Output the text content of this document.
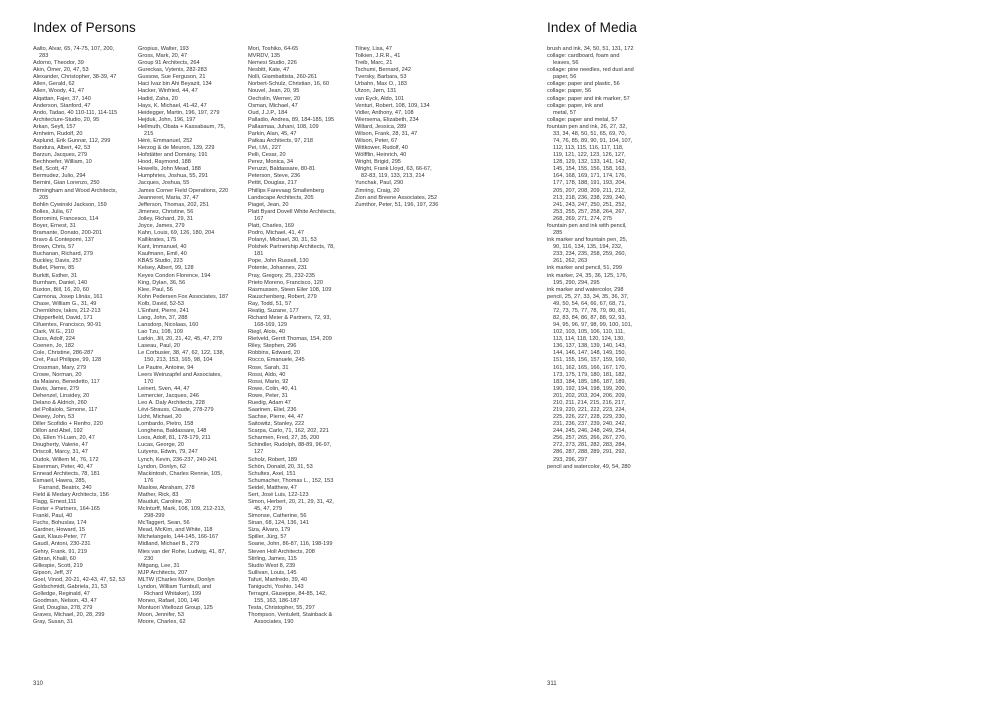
Index of Persons
Aalto, Alvar, 65, 74-75, 107, 200,
283
Adorno, Theodor, 39
Akin, Ömer, 20, 47, 53
Alexander, Christopher, 38-39, 47
Allen, Gerald, 62
Allen, Woody, 41, 47
Alqattan, Fajer, 37, 140
Anderson, Stanford, 47
Ando, Tadao, 40 110-111, 114-115
Architecture-Studio, 20, 95
Arkan, Seyfi, 157
Arnheim, Rudolf, 20
Asplund, Erik Gunnar, 112, 299
Bandura, Albert, 42, 53
Barzun, Jacques, 279
Bechhoefer, William, 10
Bell, Scott, 47
Bermudez, Julio, 294
Bernini, Gian Lorenzo, 250
Birmingham and Wood Architects,
205
Bohlin Cywinski Jackson, 159
Bolles, Julia, 67
Borromini, Francesco, 114
Boyer, Ernest, 31
Bramante, Donato, 200-201
Bravo & Contepomi, 137
Brown, Chris, 57
Buchanan, Richard, 279
Buckley, Davis, 257
Bullet, Pierre, 85
Burkitt, Esther, 31
Burnham, Daniel, 140
Buxton, Bill, 16, 20, 60
Carmona, Josep Llinás, 161
Chase, William G., 31, 49
Chernikhov, Iakov, 212-213
Chipperfield, David, 171
Cifuentes, Francisco, 90-91
Clark, W.G., 210
Cluss, Adolf, 224
Coenen, Jo, 182
Cole, Christine, 286-287
Cret, Paul Philippe, 99, 128
Crossman, Mary, 279
Crowe, Norman, 20
da Maiano, Benedetto, 117
Davis, James, 279
Dehenzel, Linsidey, 20
Delano & Aldrich, 260
del Pollaiolo, Simone, 117
Dewey, John, 53
Diller Scofidio + Renfro, 220
Dillon and Abel, 192
Do, Ellen Yi-Luen, 20, 47
Dougherty, Valerie, 47
Driscoll, Marcy, 31, 47
Dudok, Willem M., 76, 172
Eisenman, Peter, 40, 47
Ennead Architects, 78, 181
Esmaeil, Hawra, 285,
Farrand, Beatrix, 240
Field & Medary Architects, 156
Flagg, Ernest,111
Foster + Partners, 164-165
Frankl, Paul, 40
Fuchs, Bohuslav, 174
Gardner, Howard, 15
Gast, Klaus-Peter, 77
Gaudí, Antoni, 230-231
Gehry, Frank, 91, 219
Gibran, Khalil, 60
Gillespie, Scott, 219
Gipson, Jeff, 37
Goel, Vinod, 20-21, 42-43, 47, 52, 53
Goldschmidt, Gabriela, 21, 53
Golledge, Reginald, 47
Goodman, Nelson, 43, 47
Graf, Douglas, 278, 279
Graves, Michael, 20, 28, 299
Gray, Susan, 31
Gropius, Walter, 193
Gross, Mark, 20, 47
Group 91 Architects, 264
Gureckas, Vytenis, 282-283
Gussow, Sue Ferguson, 21
Haci Ivaz bin Ahi Beyazit, 134
Hacker, Winfried, 44, 47
Hadid, Zaha, 20
Hays, K. Michael, 41-42, 47
Heidegger, Martin, 196, 197, 279
Hejduk, John, 196, 197
Hellmuth, Obata + Kassabaum, 75,
215
Hérè, Emmanuel, 252
Herzog & de Meuron, 139, 229
Hofstätter and Domány, 191
Hood, Raymond, 188
Howells, John Mead, 188
Humphries, Joshua, 55, 291
Jacques, Joshua, 55
James Corner Field Operations, 220
Jeanneret, Maria, 37, 47
Jefferson, Thomas, 202, 251
Jimenez, Christine, 56
Jolley, Richard, 29, 31
Joyce, James, 279
Kahn, Louis, 69, 126, 180, 204
Kallikrates, 175
Kant, Immanuel, 40
Kaufmann, Emil, 40
KBAS Studio, 223
Kelsey, Albert, 99, 128
Keyes Condon Florence, 194
King, Dylan, 36, 56
Klee, Paul, 56
Kohn Pedersen Fox Associates, 187
Kolb, David, 52-53
L'Enfant, Pierre, 241
Lang, John, 37, 288
Lansdorp, Nicolaas, 160
Lao Tzu, 108, 109
Larkin, Jill, 20, 21, 42, 45, 47, 279
Laseau, Paul, 20
Le Corbusier, 38, 47, 62, 122, 138,
150, 213, 153, 165, 98, 104
Le Pautre, Antoine, 94
Leers Weinzapfel and Associates,
170
Leinert, Sven, 44, 47
Lemercier, Jacques, 246
Leo A. Daly Architects, 228
Lévi-Strauss, Claude, 278-279
Licht, Michael, 20
Lombardo, Pietro, 158
Longhena, Baldassare, 148
Loos, Adolf, 81, 178-179, 211
Lucas, George, 20
Lutyens, Edwin, 79, 247
Lynch, Kevin, 236-237, 240-241
Lyndon, Donlyn, 62
Mackintosh, Charles Rennie, 105,
176
Maslow, Abraham, 278
Mather, Rick, 83
Mauduit, Caroline, 20
McInturff, Mark, 108, 109, 212-213,
298-299
McTaggert, Sean, 56
Mead, McKim, and White, 118
Michelangelo, 144-145, 166-167
Midland, Michael B., 279
Mies van der Rohe, Ludwig, 41, 87,
230
Mitgang, Lee, 31
MJP Architects, 207
MLTW (Charles Moore, Donlyn
Lyndon, William Turnbull, and
Richard Whitaker), 199
Moneo, Rafael, 100, 146
Montuori Vitellozzi Group, 125
Moon, Jennifer, 53
Moore, Charles, 62
Mori, Toshiko, 64-65
MVRDV, 135
Nemesi Studio, 226
Nesbitt, Kate, 47
Nolli, Giambattista, 260-261
Norbert-Schulz, Christian, 16, 60
Nouvel, Jean, 20, 95
Oechslin, Werner, 20
Osman, Michael, 47
Oud, J.J.P., 184
Palladio, Andrea, 89, 184-185, 195
Pallasmaa, Juhani, 108, 109
Parkin, Alan, 45, 47
Patkau Architects, 97, 218
Pei, I.M., 227
Pelli, Cesar, 20
Perez, Monica, 34
Peruzzi, Baldassare, 80-81
Peterson, Steve, 236
Pettit, Douglas, 217
Phillips Farevaag Smallenberg
Landscape Architects, 205
Piaget, Jean, 20
Platt Byard Dovell White Architects,
167
Platt, Charles, 169
Podro, Michael, 41, 47
Polanyi, Michael, 30, 31, 53
Polshek Partnership Architects, 78,
181
Pope, John Russell, 130
Potente, Johannes, 231
Pray, Gregory, 25, 232-235
Prieto Moreno, Francisco, 120
Rasmussen, Steen Eiler 108, 109
Rauschenberg, Robert, 279
Ray, Todd, 51, 57
Reatig, Suzane, 177
Richard Meier & Partners, 72, 93,
168-169, 129
Riegl, Alois, 40
Rietveld, Gerrit Thomas, 154, 209
Riley, Stephen, 296
Robbins, Edward, 20
Rocco, Emanuele, 245
Rose, Sarah, 31
Rossi, Aldo, 40
Rossi, Mario, 92
Rowe, Colin, 40, 41
Rowe, Peter, 31
Ruedig, Adam 47
Saarinen, Eliel, 236
Sachse, Pierre, 44, 47
Saitowitz, Stanley, 222
Scarpa, Carlo, 71, 162, 202, 221
Scharmen, Fred, 27, 35, 200
Schindler, Rudolph, 88-89, 96-97,
127
Scholz, Robert, 189
Schön, Donald, 20, 31, 53
Schultes, Axel, 151
Schumacher, Thomas L., 152, 153
Seidel, Matthew, 47
Sert, José Luis, 122-123
Simon, Herbert, 20, 21, 29, 31, 42,
45, 47, 279
Simonse, Catherine, 56
Sinan, 68, 124, 136, 141
Siza, Álvaro, 179
Spiller, Jürg, 57
Soane, John, 86-87, 116, 198-199
Steven Holl Architects, 208
Stirling, James, 115
Studio West 8, 239
Sullivan, Louis, 145
Tafuri, Manfredo, 39, 40
Taniguchi, Yoshio, 143
Terragni, Giuseppe, 84-85, 142,
155, 163, 186-187
Testa, Christopher, 55, 297
Thompson, Ventulett, Stainback &
Associates, 190
Tilney, Lisa, 47
Tolkien, J.R.R., 41
Treib, Marc, 21
Tschumi, Bernard, 242
Tversky, Barbara, 53
Urbahn, Max O., 183
Utzon, Jørn, 131
van Eyck, Aldo, 101
Venturi, Robert, 108, 109, 134
Vidler, Anthony, 47, 108
Wiersema, Elizabeth, 234
Willard, Jessica, 289
Wilson, Frank, 28, 31, 47
Wilson, Peter, 67
Wittkower, Rudolf, 40
Wölfflin, Heinrich, 40
Wright, Brigid, 295
Wright, Frank Lloyd, 63, 66-67,
82-83, 119, 133, 213, 214
Yunchak, Paul, 290
Zimring, Craig, 20
Zion and Breene Associates, 252
Zumthor, Peter, 51, 196, 197, 236
310
Index of Media
brush and ink, 34, 50, 51, 131, 172
collage: cardboard, foam and
leaves, 56
collage: pine needles, red dust and
paper, 56
collage: paper and plastic, 56
collage: paper, 56
collage: paper and ink marker, 57
collage: paper, ink and
metal, 57
collage: paper and metal, 57
fountain pen and ink, 26, 27, 32,
33, 34, 48, 50, 51, 65, 69, 70,
74, 76, 85, 89, 90, 91, 104, 107,
112, 113, 115, 116, 117, 118,
119, 121, 122, 123, 126, 127,
128, 129, 132, 133, 141, 142,
145, 154, 155, 156, 158, 163,
164, 168, 169, 171, 174, 176,
177, 178, 188, 191, 193, 204,
205, 207, 208, 209, 211, 212,
213, 218, 236, 238, 239, 240,
241, 243, 247, 250, 251, 252,
253, 255, 257, 258, 264, 267,
268, 269, 271, 274, 275
fountain pen and ink with pencil,
285
ink marker and fountain pen, 25,
90, 116, 134, 135, 194, 232,
233, 234, 235, 258, 259, 260,
261, 262, 263
ink marker and pencil, 51, 299
ink marker, 24, 35, 36, 125, 176,
195, 290, 294, 295
ink marker and watercolor, 298
pencil, 25, 27, 33, 34, 35, 36, 37,
49, 50, 54, 64, 66, 67, 68, 71,
72, 73, 75, 77, 78, 79, 80, 81,
82, 83, 84, 86, 87, 88, 92, 93,
94, 95, 96, 97, 98, 99, 100, 101,
102, 103, 105, 106, 110, 111,
113, 114, 118, 120, 124, 130,
136, 137, 138, 139, 140, 143,
144, 146, 147, 148, 149, 150,
151, 155, 156, 157, 159, 160,
161, 162, 165, 166, 167, 170,
173, 175, 179, 180, 181, 182,
183, 184, 185, 186, 187, 189,
190, 192, 194, 198, 199, 200,
201, 202, 203, 204, 206, 209,
210, 211, 214, 215, 216, 217,
219, 220, 221, 222, 223, 224,
225, 226, 227, 228, 229, 230,
231, 236, 237, 239, 240, 242,
244, 245, 246, 248, 249, 254,
256, 257, 265, 266, 267, 270,
272, 273, 281, 282, 283, 284,
286, 287, 288, 289, 291, 292,
293, 296, 297
pencil and watercolor, 49, 54, 280
311
